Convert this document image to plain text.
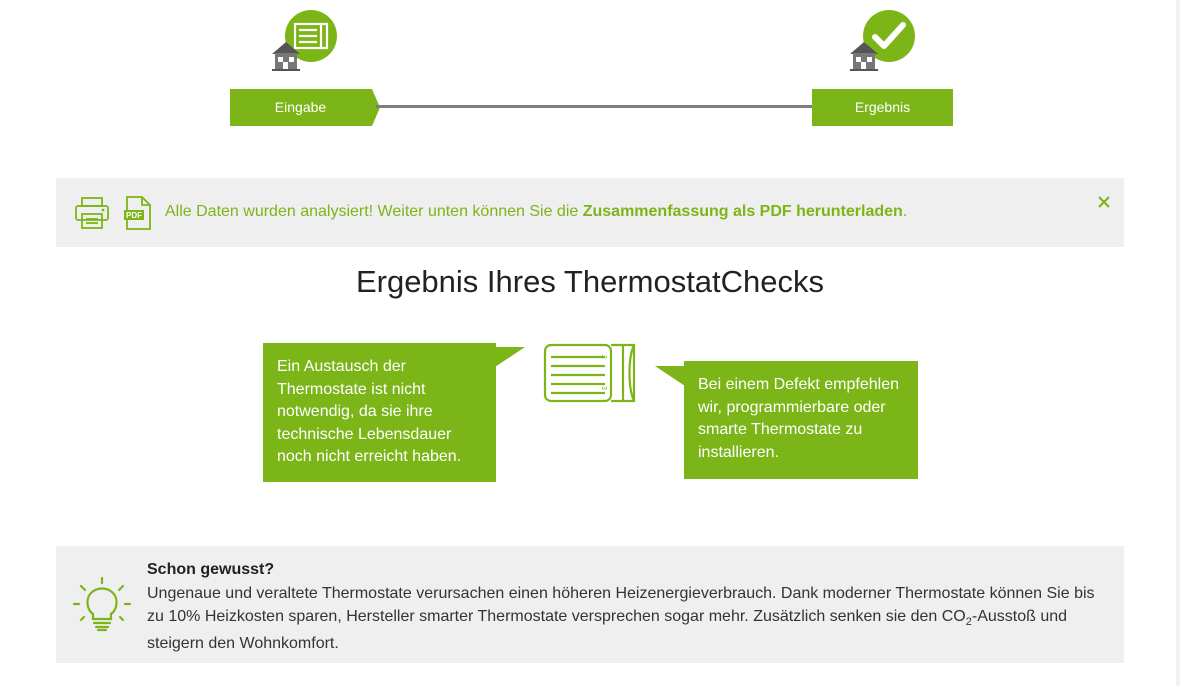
Eingabe	Ergebnis
PDF Alle Daten wurden analysiert! Weiter unten können Sie die Zusammenfassung als PDF herunterladen.
Ergebnis Ihres ThermostatChecks
Ein Austausch der Thermostate ist nicht notwendig, da sie ihre technische Lebensdauer noch nicht erreicht haben.
2
3	Bei einem Defekt empfehlen wir, programmierbare oder smarte Thermostate zu installieren.
Schon gewusst?
Ungenaue und veraltete Thermostate verursachen einen höheren Heizenergieverbrauch. Dank moderner Thermostate können Sie bis zu 10% Heizkosten sparen, Hersteller smarter Thermostate versprechen sogar mehr. Zusätzlich senken sie den $CO_2$-Ausstoß und steigern den Wohnkomfort.
